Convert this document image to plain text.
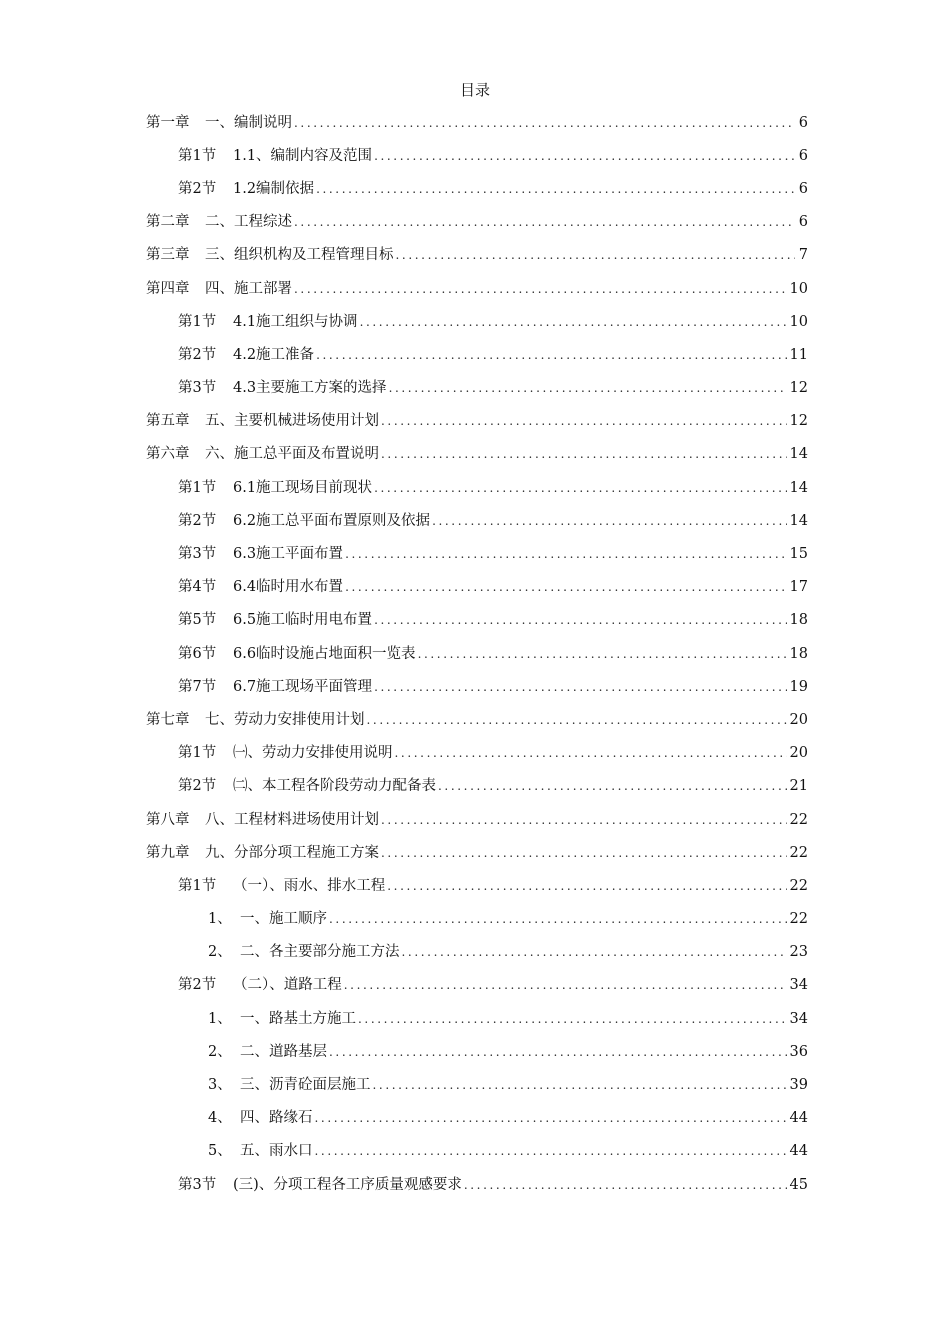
目录
第一章 一、编制说明 .....	6
第1节 1.1、编制内容及范围 .....	6
第2节 1.2编制依据 .....	6
第二章 二、工程综述 .....	6
第三章 三、组织机构及工程管理目标 .....	7
第四章 四、施工部署 .....	10
第1节 4.1施工组织与协调 .....	10
第2节 4.2施工准备 .....	11
第3节 4.3主要施工方案的选择 .....	12
第五章 五、主要机械进场使用计划 .....	12
第六章 六、施工总平面及布置说明 .....	14
第1节 6.1施工现场目前现状 .....	14
第2节 6.2施工总平面布置原则及依据 .....	14
第3节 6.3施工平面布置 .....	15
第4节 6.4临时用水布置 .....	17
第5节 6.5施工临时用电布置 .....	18
第6节 6.6临时设施占地面积一览表 .....	18
第7节 6.7施工现场平面管理 .....	19
第七章 七、劳动力安排使用计划 .....	20
第1节 ㈠、劳动力安排使用说明 .....	20
第2节 ㈡、本工程各阶段劳动力配备表 .....	21
第八章 八、工程材料进场使用计划 .....	22
第九章 九、分部分项工程施工方案 .....	22
第1节 （一）、雨水、排水工程 .....	22
1、 一、施工顺序 .....	22
2、 二、各主要部分施工方法 .....	23
第2节 （二）、道路工程 .....	34
1、 一、路基土方施工 .....	34
2、 二、道路基层 .....	36
3、 三、沥青砼面层施工 .....	39
4、 四、路缘石 .....	44
5、 五、雨水口 .....	44
第3节 (三)、分项工程各工序质量观感要求 .....	45
